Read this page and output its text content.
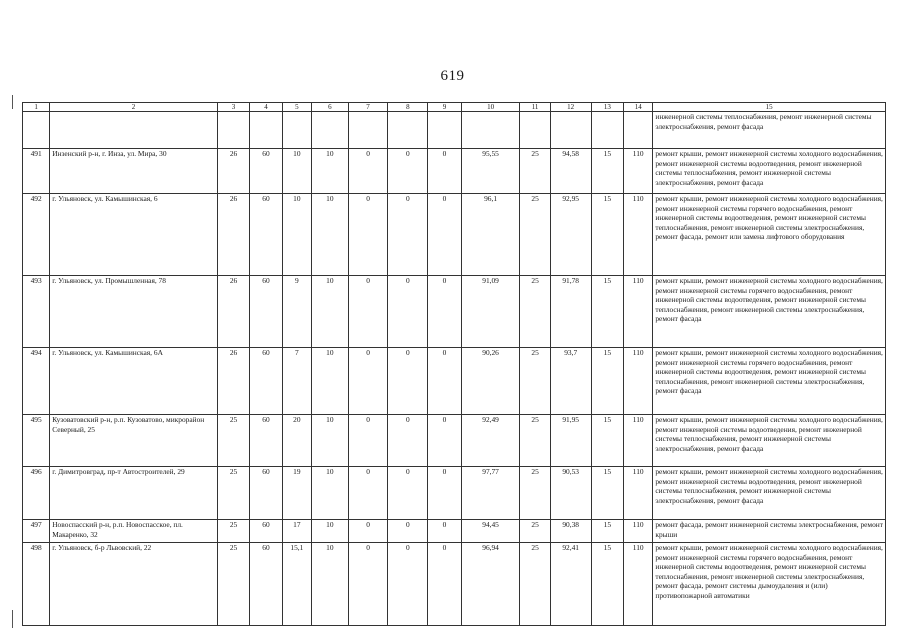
619
1	2	3	4	5	6	7	8	9	10	11	12	13	14	15
														инженерной системы теплоснабжения, ремонт инженерной системы электроснабжения, ремонт фасада
491	Инзенский р-н, г. Инза, ул. Мира, 30	26	60	10	10	0	0	0	95,55	25	94,58	15	110	ремонт крыши, ремонт инженерной системы холодного водоснабжения, ремонт инженерной системы водоотведения, ремонт инженерной системы теплоснабжения, ремонт инженерной системы электроснабжения, ремонт фасада
492	г. Ульяновск, ул. Камышинская, 6	26	60	10	10	0	0	0	96,1	25	92,95	15	110	ремонт крыши, ремонт инженерной системы холодного водоснабжения, ремонт инженерной системы горячего водоснабжения, ремонт инженерной системы водоотведения, ремонт инженерной системы теплоснабжения, ремонт инженерной системы электроснабжения, ремонт фасада, ремонт или замена лифтового оборудования
493	г. Ульяновск, ул. Промышленная, 78	26	60	9	10	0	0	0	91,09	25	91,78	15	110	ремонт крыши, ремонт инженерной системы холодного водоснабжения, ремонт инженерной системы горячего водоснабжения, ремонт инженерной системы водоотведения, ремонт инженерной системы теплоснабжения, ремонт инженерной системы электроснабжения, ремонт фасада
494	г. Ульяновск, ул. Камышинская, 6А	26	60	7	10	0	0	0	90,26	25	93,7	15	110	ремонт крыши, ремонт инженерной системы холодного водоснабжения, ремонт инженерной системы горячего водоснабжения, ремонт инженерной системы водоотведения, ремонт инженерной системы теплоснабжения, ремонт инженерной системы электроснабжения, ремонт фасада
495	Кузоватовский р-н, р.п. Кузоватово, микрорайон Северный, 25	25	60	20	10	0	0	0	92,49	25	91,95	15	110	ремонт крыши, ремонт инженерной системы холодного водоснабжения, ремонт инженерной системы водоотведения, ремонт инженерной системы теплоснабжения, ремонт инженерной системы электроснабжения, ремонт фасада
496	г. Димитровград, пр-т Автостроителей, 29	25	60	19	10	0	0	0	97,77	25	90,53	15	110	ремонт крыши, ремонт инженерной системы холодного водоснабжения, ремонт инженерной системы водоотведения, ремонт инженерной системы теплоснабжения, ремонт инженерной системы электроснабжения, ремонт фасада
497	Новоспасский р-н, р.п. Новоспасское, пл. Макаренко, 32	25	60	17	10	0	0	0	94,45	25	90,38	15	110	ремонт фасада, ремонт инженерной системы электроснабжения, ремонт крыши
498	г. Ульяновск, б-р Львовский, 22	25	60	15,1	10	0	0	0	96,94	25	92,41	15	110	ремонт крыши, ремонт инженерной системы холодного водоснабжения, ремонт инженерной системы горячего водоснабжения, ремонт инженерной системы водоотведения, ремонт инженерной системы теплоснабжения, ремонт инженерной системы электроснабжения, ремонт фасада, ремонт системы дымоудаления и (или) противопожарной автоматики
